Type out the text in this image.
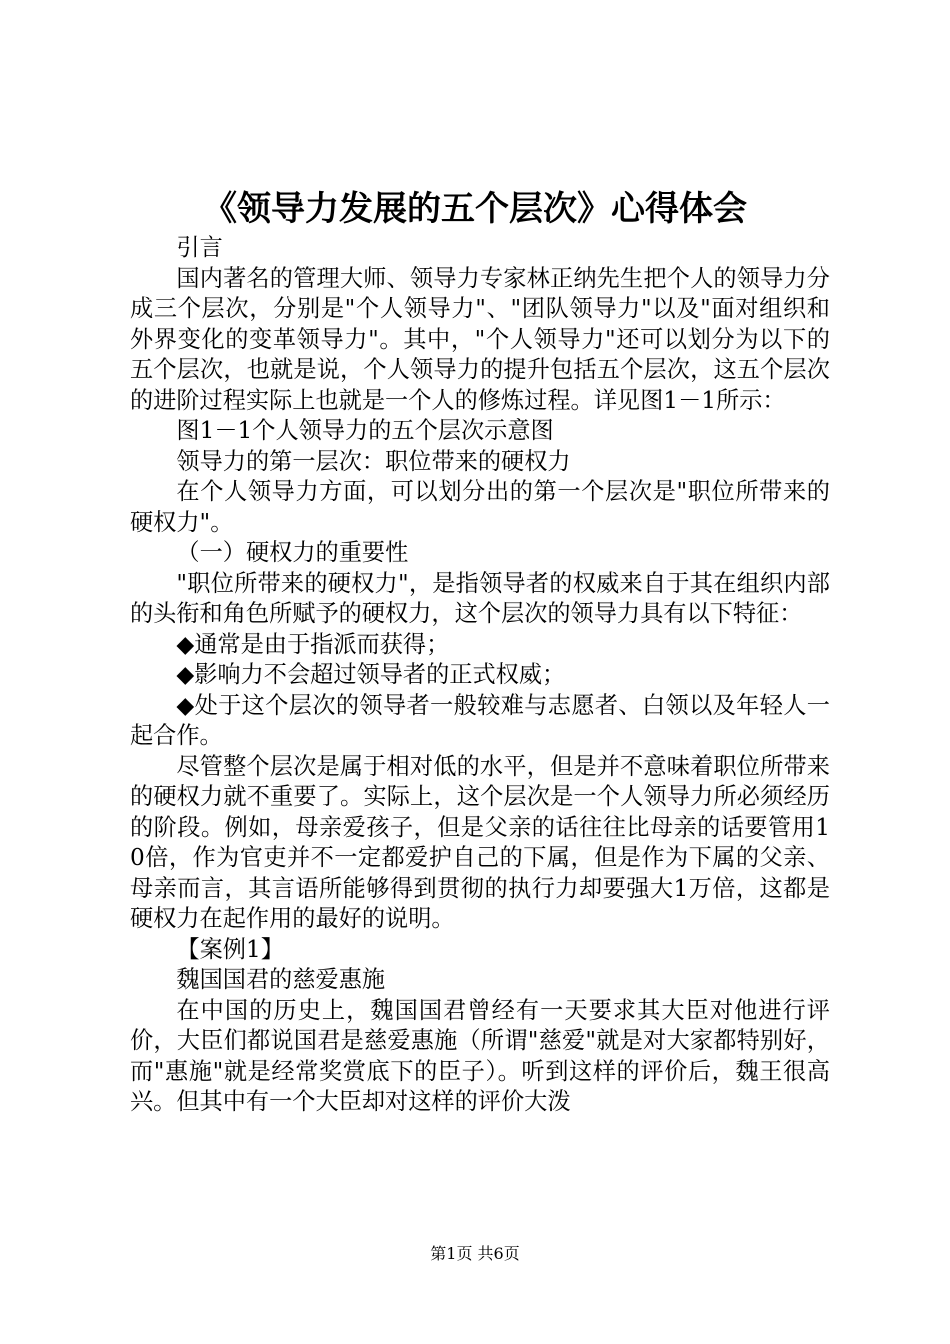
《领导力发展的五个层次》心得体会

引言

国内著名的管理大师、领导力专家林正纳先生把个人的领导力分成三个层次，分别是"个人领导力"、"团队领导力"以及"面对组织和外界变化的变革领导力"。其中，"个人领导力"还可以划分为以下的五个层次，也就是说，个人领导力的提升包括五个层次，这五个层次的进阶过程实际上也就是一个人的修炼过程。详见图1－1所示：

图1－1个人领导力的五个层次示意图

领导力的第一层次：职位带来的硬权力

在个人领导力方面，可以划分出的第一个层次是"职位所带来的硬权力"。

（一）硬权力的重要性

"职位所带来的硬权力"，是指领导者的权威来自于其在组织内部的头衔和角色所赋予的硬权力，这个层次的领导力具有以下特征：

◆通常是由于指派而获得；

◆影响力不会超过领导者的正式权威；

◆处于这个层次的领导者一般较难与志愿者、白领以及年轻人一起合作。

尽管整个层次是属于相对低的水平，但是并不意味着职位所带来的硬权力就不重要了。实际上，这个层次是一个人领导力所必须经历的阶段。例如，母亲爱孩子，但是父亲的话往往比母亲的话要管用10倍，作为官吏并不一定都爱护自己的下属，但是作为下属的父亲、母亲而言，其言语所能够得到贯彻的执行力却要强大1万倍，这都是硬权力在起作用的最好的说明。

【案例1】

魏国国君的慈爱惠施

在中国的历史上，魏国国君曾经有一天要求其大臣对他进行评价，大臣们都说国君是慈爱惠施（所谓"慈爱"就是对大家都特别好，而"惠施"就是经常奖赏底下的臣子）。听到这样的评价后，魏王很高兴。但其中有一个大臣却对这样的评价大泼

第1页 共6页
